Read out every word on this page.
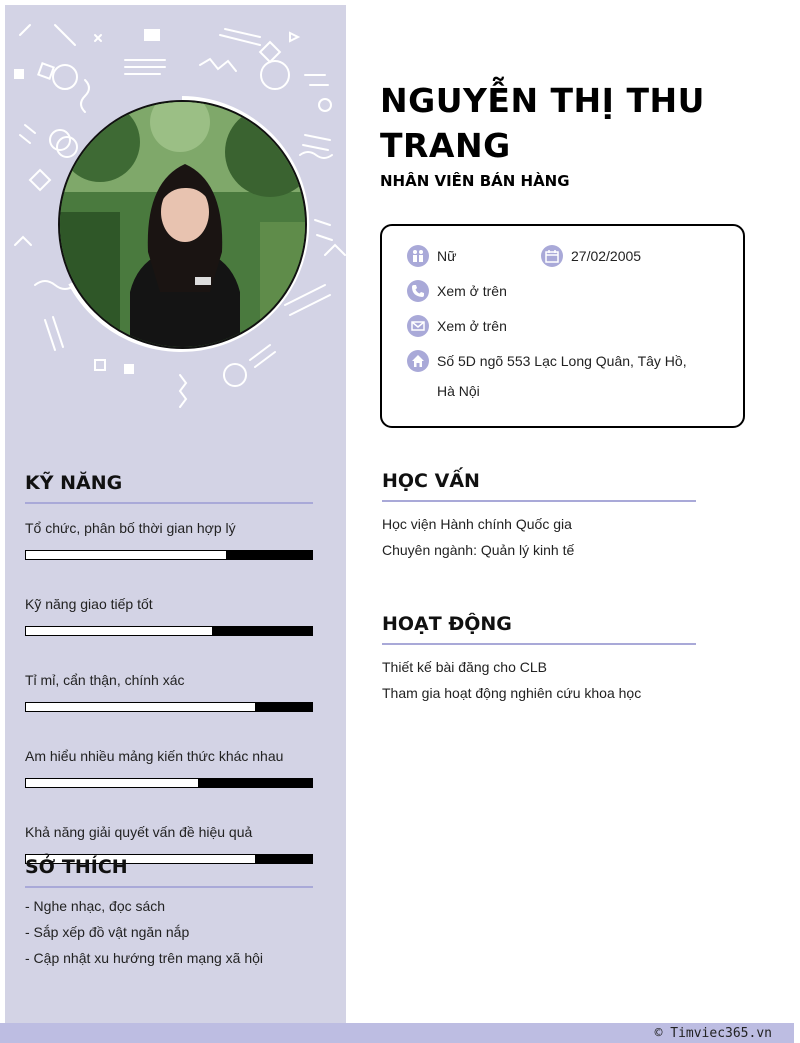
KỸ NĂNG
Tổ chức, phân bố thời gian hợp lý
Kỹ năng giao tiếp tốt
Tỉ mỉ, cẩn thận, chính xác
Am hiểu nhiều mảng kiến thức khác nhau
Khả năng giải quyết vấn đề hiệu quả
SỞ THÍCH
- Nghe nhạc, đọc sách
- Sắp xếp đồ vật ngăn nắp
- Cập nhật xu hướng trên mạng xã hội
NGUYỄN THỊ THU TRANG
NHÂN VIÊN BÁN HÀNG
Nữ	27/02/2005
Xem ở trên
Xem ở trên
Số 5D ngõ 553 Lạc Long Quân, Tây Hồ, Hà Nội
HỌC VẤN
Học viện Hành chính Quốc gia
Chuyên ngành: Quản lý kinh tế
HOẠT ĐỘNG
Thiết kế bài đăng cho CLB
Tham gia hoạt động nghiên cứu khoa học
© Timviec365.vn
